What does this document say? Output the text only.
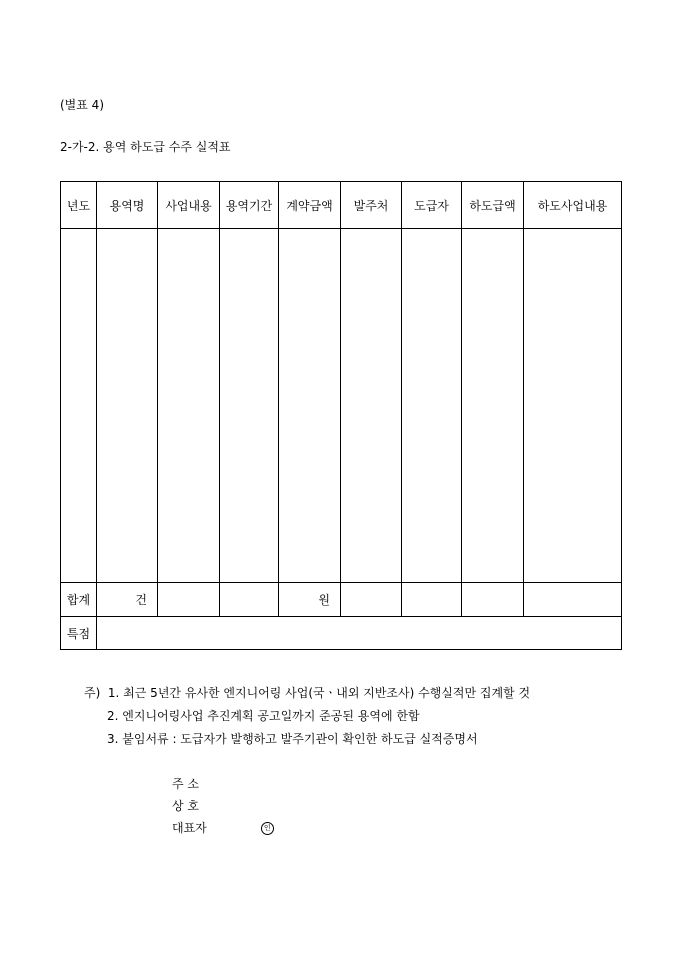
(별표 4)
2-가-2. 용역 하도급 수주 실적표
년도	용역명	사업내용	용역기간	계약금액	발주처	도급자	하도급액	하도사업내용

합계	건			원				
특점								
주) 1. 최근 5년간 유사한 엔지니어링 사업(국ㆍ내외 지반조사) 수행실적만 집계할 것
2. 엔지니어링사업 추진계획 공고일까지 준공된 용역에 한함
3. 붙임서류 : 도급자가 발행하고 발주기관이 확인한 하도급 실적증명서
주 소
상 호
대표자	인
